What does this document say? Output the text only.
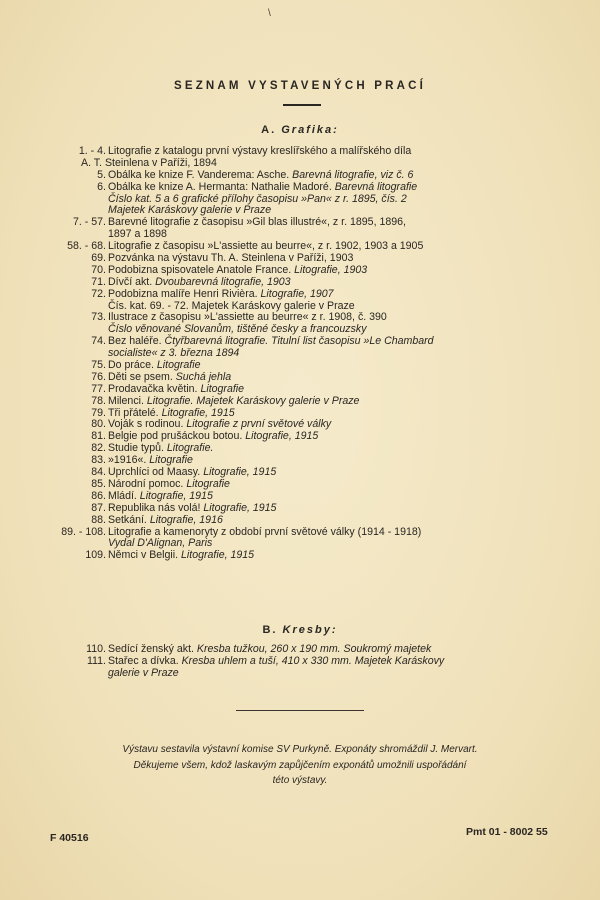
\
SEZNAM VYSTAVENÝCH PRACÍ
A. Grafika:
1. - 4. Litografie z katalogu první výstavy kreslířského a malířského díla
A. T. Steinlena v Paříži, 1894
5. Obálka ke knize F. Vanderema: Asche. Barevná litografie, viz č. 6
6. Obálka ke knize A. Hermanta: Nathalie Madoré. Barevná litografie
Číslo kat. 5 a 6 grafické přílohy časopisu »Pan« z r. 1895, čís. 2
Majetek Karáskovy galerie v Praze
7. - 57. Barevné litografie z časopisu »Gil blas illustré«, z r. 1895, 1896,
1897 a 1898
58. - 68. Litografie z časopisu »L'assiette au beurre«, z r. 1902, 1903 a 1905
69. Pozvánka na výstavu Th. A. Steinlena v Paříži, 1903
70. Podobizna spisovatele Anatole France. Litografie, 1903
71. Dívčí akt. Dvoubarevná litografie, 1903
72. Podobizna malíře Henri Rivièra. Litografie, 1907
Čís. kat. 69. - 72. Majetek Karáskovy galerie v Praze
73. Ilustrace z časopisu »L'assiette au beurre« z r. 1908, č. 390
Číslo věnované Slovanům, tištěné česky a francouzsky
74. Bez haléře. Čtyřbarevná litografie. Titulní list časopisu »Le Chambard
socialiste« z 3. března 1894
75. Do práce. Litografie
76. Děti se psem. Suchá jehla
77. Prodavačka květin. Litografie
78. Milenci. Litografie. Majetek Karáskovy galerie v Praze
79. Tři přátelé. Litografie, 1915
80. Voják s rodinou. Litografie z první světové války
81. Belgie pod prušáckou botou. Litografie, 1915
82. Studie typů. Litografie.
83. »1916«. Litografie
84. Uprchlíci od Maasy. Litografie, 1915
85. Národní pomoc. Litografie
86. Mládí. Litografie, 1915
87. Republika nás volá! Litografie, 1915
88. Setkání. Litografie, 1916
89. - 108. Litografie a kamenoryty z období první světové války (1914 - 1918)
Vydal D'Alignan, Paris
109. Němci v Belgii. Litografie, 1915
B. Kresby:
110. Sedící ženský akt. Kresba tužkou, 260 x 190 mm. Soukromý majetek
111. Stařec a dívka. Kresba uhlem a tuší, 410 x 330 mm. Majetek Karáskovy
galerie v Praze
Výstavu sestavila výstavní komise SV Purkyně. Exponáty shromáždil J. Mervart.
Děkujeme všem, kdož laskavým zapůjčením exponátů umožnili uspořádání
této výstavy.
F 40516	Pmt 01 - 8002 55
